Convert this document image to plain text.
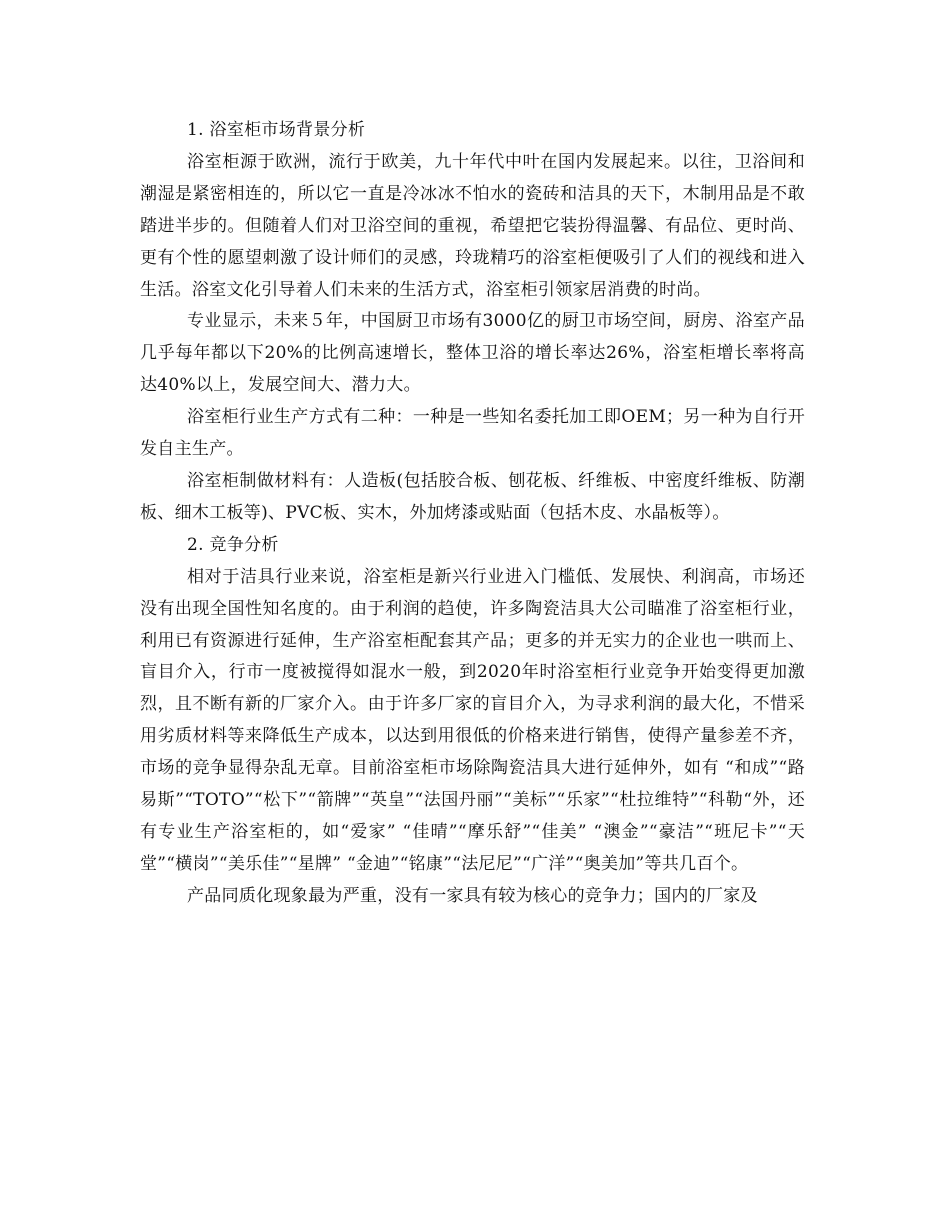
1. 浴室柜市场背景分析

浴室柜源于欧洲，流行于欧美，九十年代中叶在国内发展起来。以往，卫浴间和潮湿是紧密相连的，所以它一直是冷冰冰不怕水的瓷砖和洁具的天下，木制用品是不敢踏进半步的。但随着人们对卫浴空间的重视，希望把它装扮得温馨、有品位、更时尚、更有个性的愿望刺激了设计师们的灵感，玲珑精巧的浴室柜便吸引了人们的视线和进入生活。浴室文化引导着人们未来的生活方式，浴室柜引领家居消费的时尚。

专业显示，未来５年，中国厨卫市场有3000亿的厨卫市场空间，厨房、浴室产品几乎每年都以下20%的比例高速增长，整体卫浴的增长率达26%，浴室柜增长率将高达40%以上，发展空间大、潜力大。

浴室柜行业生产方式有二种：一种是一些知名委托加工即OEM；另一种为自行开发自主生产。

浴室柜制做材料有：人造板(包括胶合板、刨花板、纤维板、中密度纤维板、防潮板、细木工板等)、PVC板、实木，外加烤漆或贴面（包括木皮、水晶板等）。

2. 竞争分析

相对于洁具行业来说，浴室柜是新兴行业进入门槛低、发展快、利润高，市场还没有出现全国性知名度的。由于利润的趋使，许多陶瓷洁具大公司瞄准了浴室柜行业，利用已有资源进行延伸，生产浴室柜配套其产品；更多的并无实力的企业也一哄而上、盲目介入，行市一度被搅得如混水一般，到2020年时浴室柜行业竞争开始变得更加激烈，且不断有新的厂家介入。由于许多厂家的盲目介入，为寻求利润的最大化，不惜采用劣质材料等来降低生产成本，以达到用很低的价格来进行销售，使得产量参差不齐，市场的竞争显得杂乱无章。目前浴室柜市场除陶瓷洁具大进行延伸外，如有 “和成”“路易斯”“TOTO”“松下”“箭牌”“英皇”“法国丹丽”“美标”“乐家”“杜拉维特”“科勒“外，还有专业生产浴室柜的，如“爱家” “佳晴”“摩乐舒”“佳美” “澳金”“豪洁”“班尼卡”“天堂”“横岗”“美乐佳”“星牌” “金迪”“铭康”“法尼尼”“广洋”“奥美加”等共几百个。

产品同质化现象最为严重，没有一家具有较为核心的竞争力；国内的厂家及
